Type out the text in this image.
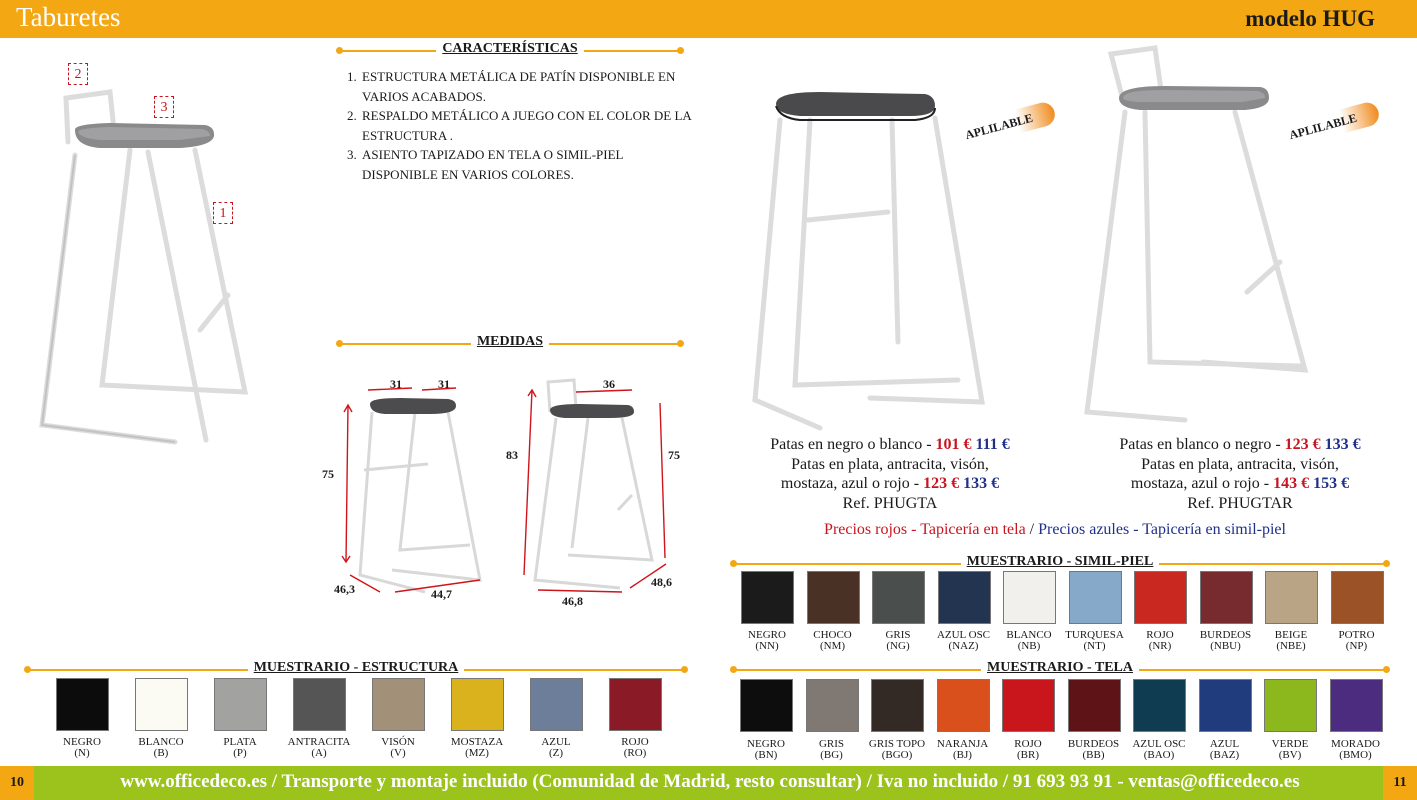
Taburetes	modelo HUG
1
2
3
CARACTERÍSTICAS
1. ESTRUCTURA METÁLICA DE PATÍN DISPONIBLE EN VARIOS ACABADOS.
2. RESPALDO METÁLICO A JUEGO CON EL COLOR DE LA ESTRUCTURA .
3. ASIENTO TAPIZADO EN TELA O SIMIL-PIEL DISPONIBLE EN VARIOS COLORES.
MEDIDAS
31	31
75
46,3	44,7
36
83	75
48,6
46,8
APLILABLE	APLILABLE
Patas en negro o blanco - 101 € 111 €
Patas en plata, antracita, visón,
mostaza, azul o rojo - 123 € 133 €
Ref. PHUGTA
Patas en blanco o negro - 123 € 133 €
Patas en plata, antracita, visón,
mostaza, azul o rojo - 143 € 153 €
Ref. PHUGTAR
Precios rojos - Tapicería en tela / Precios azules - Tapicería en simil-piel
MUESTRARIO - SIMIL-PIEL
NEGRO
(NN)
CHOCO
(NM)
GRIS
(NG)
AZUL OSC
(NAZ)
BLANCO
(NB)
TURQUESA
(NT)
ROJO
(NR)
BURDEOS
(NBU)
BEIGE
(NBE)
POTRO
(NP)
MUESTRARIO - TELA
NEGRO
(BN)
GRIS
(BG)
GRIS TOPO
(BGO)
NARANJA
(BJ)
ROJO
(BR)
BURDEOS
(BB)
AZUL OSC
(BAO)
AZUL
(BAZ)
VERDE
(BV)
MORADO
(BMO)
MUESTRARIO - ESTRUCTURA
NEGRO
(N)
BLANCO
(B)
PLATA
(P)
ANTRACITA
(A)
VISÓN
(V)
MOSTAZA
(MZ)
AZUL
(Z)
ROJO
(RO)
10	11
www.officedeco.es / Transporte y montaje incluido (Comunidad de Madrid, resto consultar) / Iva no incluido / 91 693 93 91 - ventas@officedeco.es
